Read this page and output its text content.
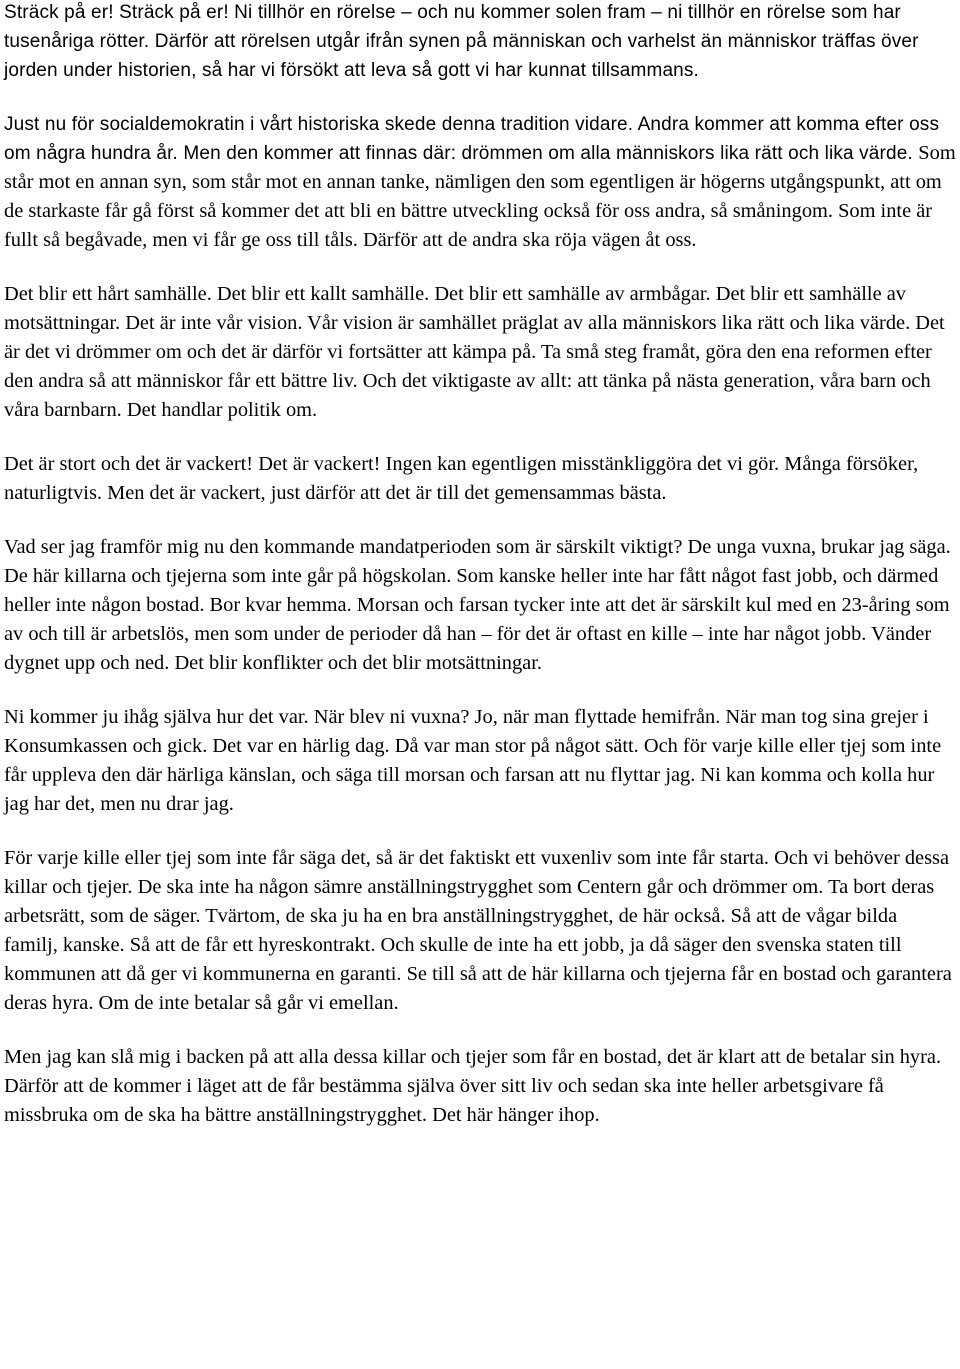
Sträck på er! Sträck på er! Ni tillhör en rörelse – och nu kommer solen fram – ni tillhör en rörelse som har tusenåriga rötter. Därför att rörelsen utgår ifrån synen på människan och varhelst än människor träffas över jorden under historien, så har vi försökt att leva så gott vi har kunnat tillsammans.

Just nu för socialdemokratin i vårt historiska skede denna tradition vidare. Andra kommer att komma efter oss om några hundra år. Men den kommer att finnas där: drömmen om alla människors lika rätt och lika värde. Som står mot en annan syn, som står mot en annan tanke, nämligen den som egentligen är högerns utgångspunkt, att om de starkaste får gå först så kommer det att bli en bättre utveckling också för oss andra, så småningom. Som inte är fullt så begåvade, men vi får ge oss till tåls. Därför att de andra ska röja vägen åt oss.

Det blir ett hårt samhälle. Det blir ett kallt samhälle. Det blir ett samhälle av armbågar. Det blir ett samhälle av motsättningar. Det är inte vår vision. Vår vision är samhället präglat av alla människors lika rätt och lika värde. Det är det vi drömmer om och det är därför vi fortsätter att kämpa på. Ta små steg framåt, göra den ena reformen efter den andra så att människor får ett bättre liv. Och det viktigaste av allt: att tänka på nästa generation, våra barn och våra barnbarn. Det handlar politik om.

Det är stort och det är vackert! Det är vackert! Ingen kan egentligen misstänkliggöra det vi gör. Många försöker, naturligtvis. Men det är vackert, just därför att det är till det gemensammas bästa.

Vad ser jag framför mig nu den kommande mandatperioden som är särskilt viktigt? De unga vuxna, brukar jag säga. De här killarna och tjejerna som inte går på högskolan. Som kanske heller inte har fått något fast jobb, och därmed heller inte någon bostad. Bor kvar hemma. Morsan och farsan tycker inte att det är särskilt kul med en 23-åring som av och till är arbetslös, men som under de perioder då han – för det är oftast en kille – inte har något jobb. Vänder dygnet upp och ned. Det blir konflikter och det blir motsättningar.

Ni kommer ju ihåg själva hur det var. När blev ni vuxna? Jo, när man flyttade hemifrån. När man tog sina grejer i Konsumkassen och gick. Det var en härlig dag. Då var man stor på något sätt. Och för varje kille eller tjej som inte får uppleva den där härliga känslan, och säga till morsan och farsan att nu flyttar jag. Ni kan komma och kolla hur jag har det, men nu drar jag.

För varje kille eller tjej som inte får säga det, så är det faktiskt ett vuxenliv som inte får starta. Och vi behöver dessa killar och tjejer. De ska inte ha någon sämre anställningstrygghet som Centern går och drömmer om. Ta bort deras arbetsrätt, som de säger. Tvärtom, de ska ju ha en bra anställningstrygghet, de här också. Så att de vågar bilda familj, kanske. Så att de får ett hyreskontrakt. Och skulle de inte ha ett jobb, ja då säger den svenska staten till kommunen att då ger vi kommunerna en garanti. Se till så att de här killarna och tjejerna får en bostad och garantera deras hyra. Om de inte betalar så går vi emellan.

Men jag kan slå mig i backen på att alla dessa killar och tjejer som får en bostad, det är klart att de betalar sin hyra. Därför att de kommer i läget att de får bestämma själva över sitt liv och sedan ska inte heller arbetsgivare få missbruka om de ska ha bättre anställningstrygghet. Det här hänger ihop.
